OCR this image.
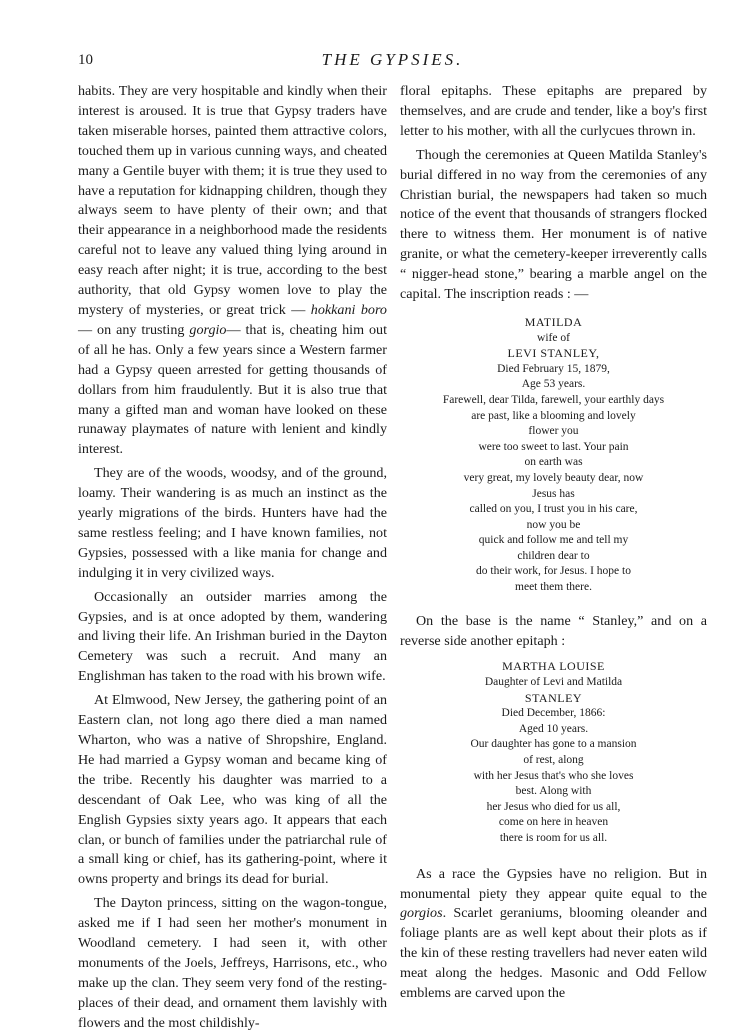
10	THE GYPSIES.

habits. They are very hospitable and kindly when their interest is aroused. It is true that Gypsy traders have taken miserable horses, painted them attractive colors, touched them up in various cunning ways, and cheated many a Gentile buyer with them; it is true they used to have a reputation for kidnapping children, though they always seem to have plenty of their own; and that their appearance in a neighborhood made the residents careful not to leave any valued thing lying around in easy reach after night; it is true, according to the best authority, that old Gypsy women love to play the mystery of mysteries, or great trick — hokkani boro — on any trusting gorgio— that is, cheating him out of all he has. Only a few years since a Western farmer had a Gypsy queen arrested for getting thousands of dollars from him fraudulently. But it is also true that many a gifted man and woman have looked on these runaway playmates of nature with lenient and kindly interest.

They are of the woods, woodsy, and of the ground, loamy. Their wandering is as much an instinct as the yearly migrations of the birds. Hunters have had the same restless feeling; and I have known families, not Gypsies, possessed with a like mania for change and indulging it in very civilized ways.

Occasionally an outsider marries among the Gypsies, and is at once adopted by them, wandering and living their life. An Irishman buried in the Dayton Cemetery was such a recruit. And many an Englishman has taken to the road with his brown wife.

At Elmwood, New Jersey, the gathering point of an Eastern clan, not long ago there died a man named Wharton, who was a native of Shropshire, England. He had married a Gypsy woman and became king of the tribe. Recently his daughter was married to a descendant of Oak Lee, who was king of all the English Gypsies sixty years ago. It appears that each clan, or bunch of families under the patriarchal rule of a small king or chief, has its gathering-point, where it owns property and brings its dead for burial.

The Dayton princess, sitting on the wagon-tongue, asked me if I had seen her mother's monument in Woodland cemetery. I had seen it, with other monuments of the Joels, Jeffreys, Harrisons, etc., who make up the clan. They seem very fond of the resting-places of their dead, and ornament them lavishly with flowers and the most childishly-

floral epitaphs. These epitaphs are prepared by themselves, and are crude and tender, like a boy's first letter to his mother, with all the curlycues thrown in.

Though the ceremonies at Queen Matilda Stanley's burial differed in no way from the ceremonies of any Christian burial, the newspapers had taken so much notice of the event that thousands of strangers flocked there to witness them. Her monument is of native granite, or what the cemetery-keeper irreverently calls “ nigger-head stone,” bearing a marble angel on the capital. The inscription reads : —

MATILDA
wife of
LEVI STANLEY,
Died February 15, 1879,
Age 53 years.
Farewell, dear Tilda, farewell, your earthly days
are past, like a blooming and lovely
flower you
were too sweet to last. Your pain
on earth was
very great, my lovely beauty dear, now
Jesus has
called on you, I trust you in his care,
now you be
quick and follow me and tell my
children dear to
do their work, for Jesus. I hope to
meet them there.

On the base is the name “ Stanley,” and on a reverse side another epitaph :

MARTHA LOUISE
Daughter of Levi and Matilda
STANLEY
Died December, 1866:
Aged 10 years.
Our daughter has gone to a mansion
of rest, along
with her Jesus that's who she loves
best. Along with
her Jesus who died for us all,
come on here in heaven
there is room for us all.

As a race the Gypsies have no religion. But in monumental piety they appear quite equal to the gorgios. Scarlet geraniums, blooming oleander and foliage plants are as well kept about their plots as if the kin of these resting travellers had never eaten wild meat along the hedges. Masonic and Odd Fellow emblems are carved upon the
